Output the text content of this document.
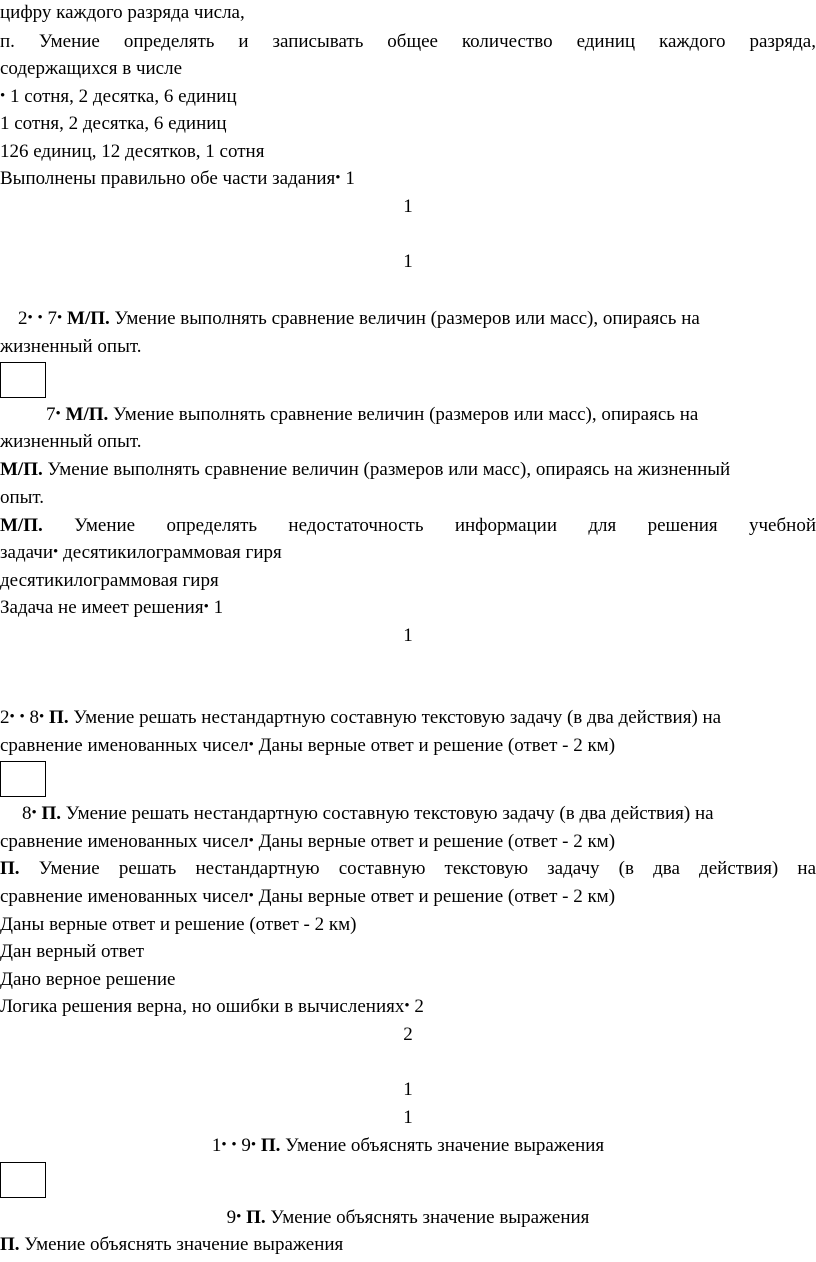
цифру каждого разряда числа,
п. Умение определять и записывать общее количество единиц каждого разряда,
содержащихся в числе
• 1 сотня, 2 десятка, 6 единиц
1 сотня, 2 десятка, 6 единиц
126 единиц, 12 десятков, 1 сотня
Выполнены правильно обе части задания• 1
1
1
2• • 7• М/П. Умение выполнять сравнение величин (размеров или масс), опираясь на
жизненный опыт.
7• М/П. Умение выполнять сравнение величин (размеров или масс), опираясь на
жизненный опыт.
М/П. Умение выполнять сравнение величин (размеров или масс), опираясь на жизненный
опыт.
М/П. Умение определять недостаточность информации для решения учебной
задачи• десятикилограммовая гиря
десятикилограммовая гиря
Задача не имеет решения• 1
1
2• • 8• П. Умение решать нестандартную составную текстовую задачу (в два действия) на
сравнение именованных чисел• Даны верные ответ и решение (ответ - 2 км)
8• П. Умение решать нестандартную составную текстовую задачу (в два действия) на
сравнение именованных чисел• Даны верные ответ и решение (ответ - 2 км)
П. Умение решать нестандартную составную текстовую задачу (в два действия) на
сравнение именованных чисел• Даны верные ответ и решение (ответ - 2 км)
Даны верные ответ и решение (ответ - 2 км)
Дан верный ответ
Дано верное решение
Логика решения верна, но ошибки в вычислениях• 2
2
1
1
1• • 9• П. Умение объяснять значение выражения
9• П. Умение объяснять значение выражения
П. Умение объяснять значение выражения
